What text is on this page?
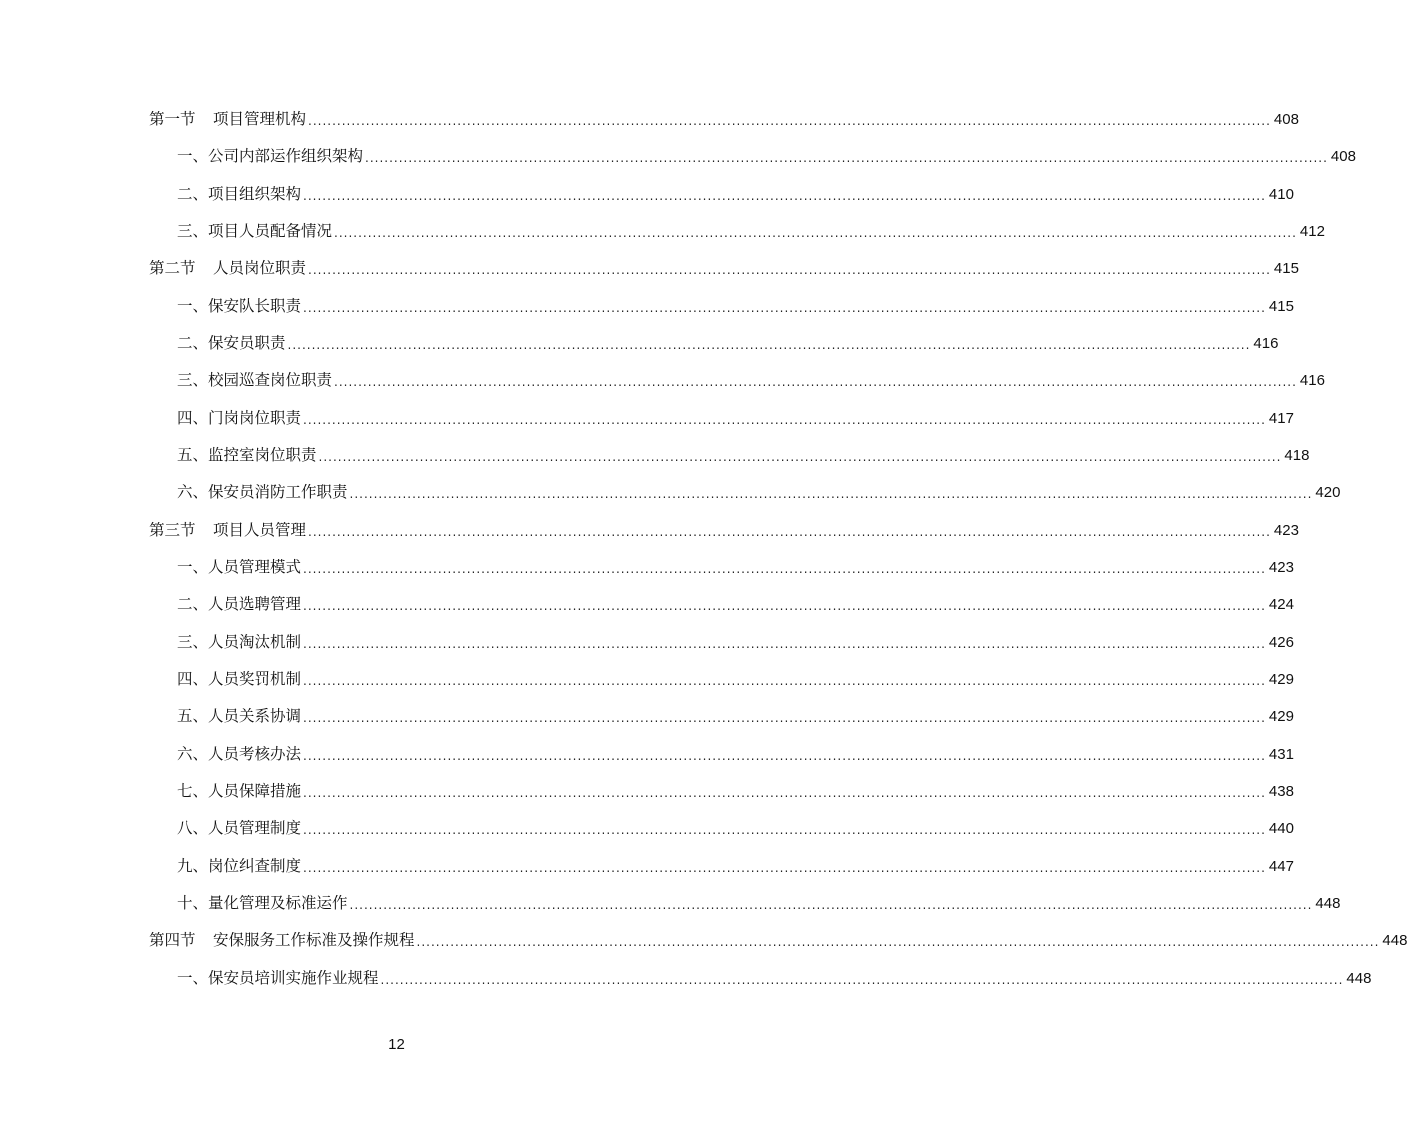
第一节 项目管理机构 ........................................................................................................................................................................................................ 408
一、公司内部运作组织架构 ........................................................................................................................................................................................................ 408
二、项目组织架构 ........................................................................................................................................................................................................ 410
三、项目人员配备情况 ........................................................................................................................................................................................................ 412
第二节 人员岗位职责 ........................................................................................................................................................................................................ 415
一、保安队长职责 ........................................................................................................................................................................................................ 415
二、保安员职责 ........................................................................................................................................................................................................ 416
三、校园巡查岗位职责 ........................................................................................................................................................................................................ 416
四、门岗岗位职责 ........................................................................................................................................................................................................ 417
五、监控室岗位职责 ........................................................................................................................................................................................................ 418
六、保安员消防工作职责 ........................................................................................................................................................................................................ 420
第三节 项目人员管理 ........................................................................................................................................................................................................ 423
一、人员管理模式 ........................................................................................................................................................................................................ 423
二、人员选聘管理 ........................................................................................................................................................................................................ 424
三、人员淘汰机制 ........................................................................................................................................................................................................ 426
四、人员奖罚机制 ........................................................................................................................................................................................................ 429
五、人员关系协调 ........................................................................................................................................................................................................ 429
六、人员考核办法 ........................................................................................................................................................................................................ 431
七、人员保障措施 ........................................................................................................................................................................................................ 438
八、人员管理制度 ........................................................................................................................................................................................................ 440
九、岗位纠查制度 ........................................................................................................................................................................................................ 447
十、量化管理及标准运作 ........................................................................................................................................................................................................ 448
第四节 安保服务工作标准及操作规程 ........................................................................................................................................................................................................ 448
一、保安员培训实施作业规程 ........................................................................................................................................................................................................ 448
12
